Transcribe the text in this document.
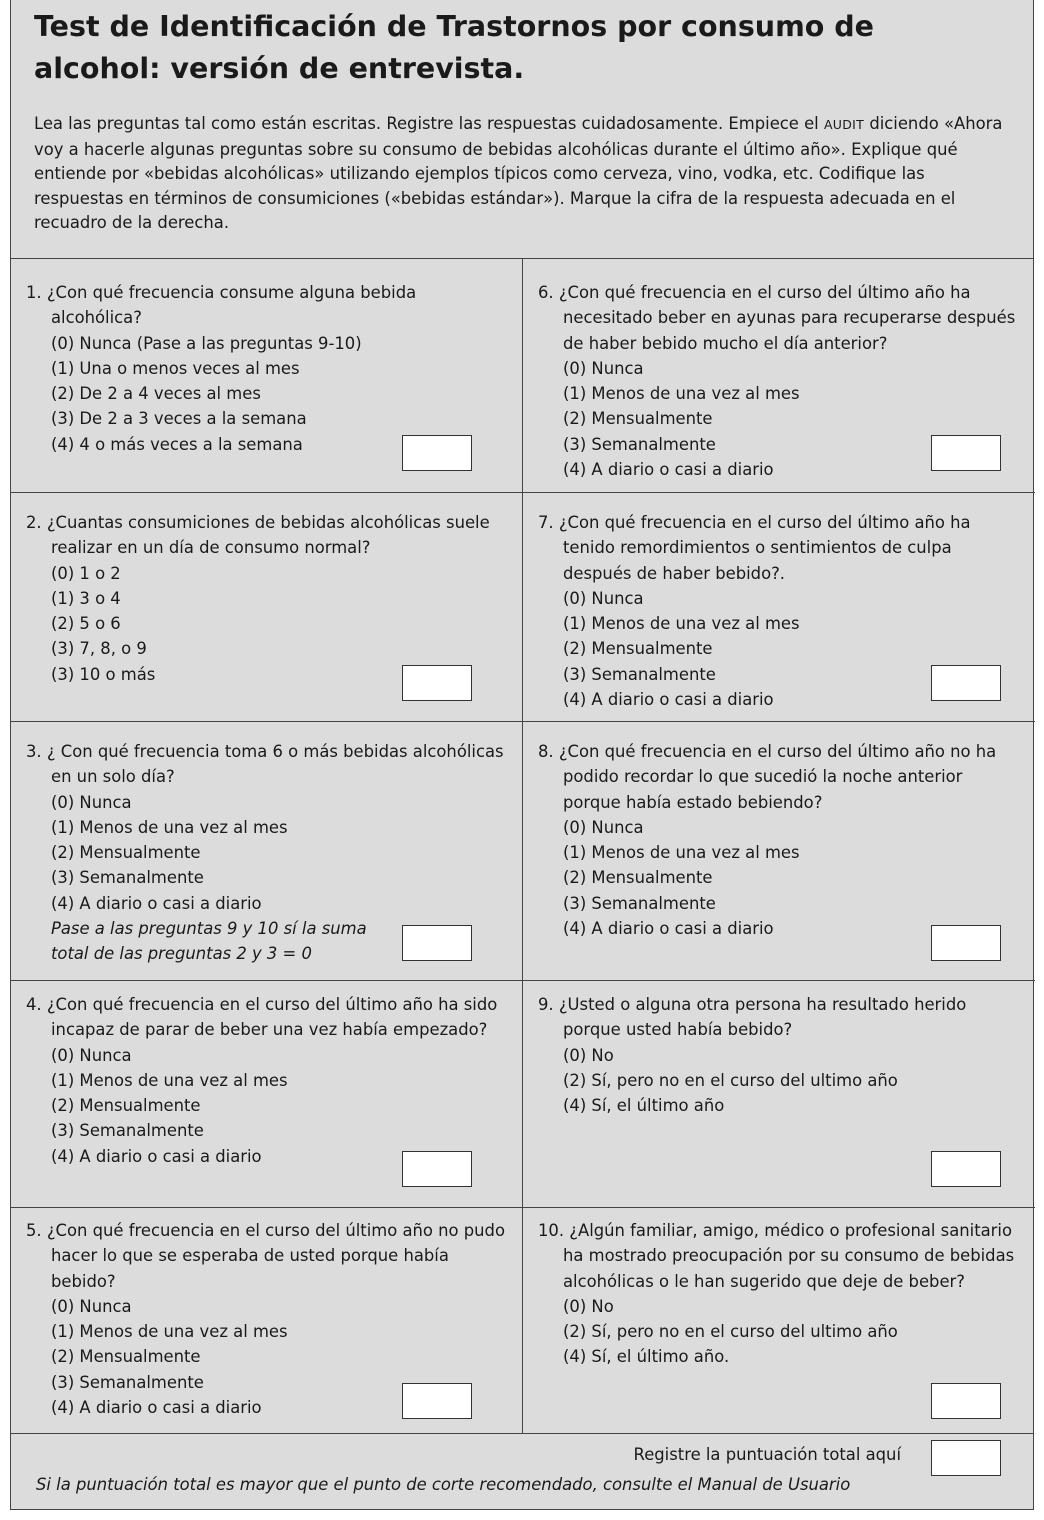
Test de Identificación de Trastornos por consumo de alcohol: versión de entrevista.

Lea las preguntas tal como están escritas. Registre las respuestas cuidadosamente. Empiece el AUDIT diciendo «Ahora voy a hacerle algunas preguntas sobre su consumo de bebidas alcohólicas durante el último año». Explique qué entiende por «bebidas alcohólicas» utilizando ejemplos típicos como cerveza, vino, vodka, etc. Codifique las respuestas en términos de consumiciones («bebidas estándar»). Marque la cifra de la respuesta adecuada en el recuadro de la derecha.

1. ¿Con qué frecuencia consume alguna bebida alcohólica?

(0) Nunca (Pase a las preguntas 9-10)

(1) Una o menos veces al mes

(2) De 2 a 4 veces al mes

(3) De 2 a 3 veces a la semana

(4) 4 o más veces a la semana

6. ¿Con qué frecuencia en el curso del último año ha necesitado beber en ayunas para recuperarse después de haber bebido mucho el día anterior?

(0) Nunca

(1) Menos de una vez al mes

(2) Mensualmente

(3) Semanalmente

(4) A diario o casi a diario

2. ¿Cuantas consumiciones de bebidas alcohólicas suele realizar en un día de consumo normal?

(0) 1 o 2

(1) 3 o 4

(2) 5 o 6

(3) 7, 8, o 9

(3) 10 o más

7. ¿Con qué frecuencia en el curso del último año ha tenido remordimientos o sentimientos de culpa después de haber bebido?.

(0) Nunca

(1) Menos de una vez al mes

(2) Mensualmente

(3) Semanalmente

(4) A diario o casi a diario

3. ¿ Con qué frecuencia toma 6 o más bebidas alcohólicas en un solo día?

(0) Nunca

(1) Menos de una vez al mes

(2) Mensualmente

(3) Semanalmente

(4) A diario o casi a diario

Pase a las preguntas 9 y 10 sí la suma total de las preguntas 2 y 3 = 0

8. ¿Con qué frecuencia en el curso del último año no ha podido recordar lo que sucedió la noche anterior porque había estado bebiendo?

(0) Nunca

(1) Menos de una vez al mes

(2) Mensualmente

(3) Semanalmente

(4) A diario o casi a diario

4. ¿Con qué frecuencia en el curso del último año ha sido incapaz de parar de beber una vez había empezado?

(0) Nunca

(1) Menos de una vez al mes

(2) Mensualmente

(3) Semanalmente

(4) A diario o casi a diario

9. ¿Usted o alguna otra persona ha resultado herido porque usted había bebido?

(0) No

(2) Sí, pero no en el curso del ultimo año

(4) Sí, el último año

5. ¿Con qué frecuencia en el curso del último año no pudo hacer lo que se esperaba de usted porque había bebido?

(0) Nunca

(1) Menos de una vez al mes

(2) Mensualmente

(3) Semanalmente

(4) A diario o casi a diario

10. ¿Algún familiar, amigo, médico o profesional sanitario ha mostrado preocupación por su consumo de bebidas alcohólicas o le han sugerido que deje de beber?

(0) No

(2) Sí, pero no en el curso del ultimo año

(4) Sí, el último año.

Registre la puntuación total aquí

Si la puntuación total es mayor que el punto de corte recomendado, consulte el Manual de Usuario
